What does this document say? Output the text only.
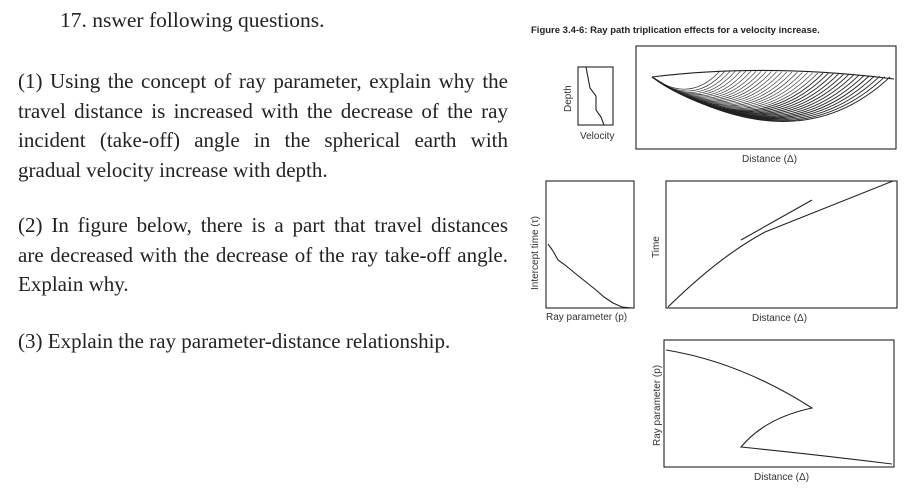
17. nswer following questions.

(1) Using the concept of ray parameter, explain why the
travel distance is increased with the decrease of the ray
incident (take-off) angle in the spherical earth with
gradual velocity increase with depth.

(2) In figure below, there is a part that travel distances
are decreased with the decrease of the ray take-off angle.
Explain why.

(3) Explain the ray parameter-distance relationship.

Figure 3.4-6: Ray path triplication effects for a velocity increase.
Velocity
Depth
Distance (Δ)
Intercept time (τ)
Ray parameter (p)
Time
Distance (Δ)
Ray parameter (p)
Distance (Δ)
